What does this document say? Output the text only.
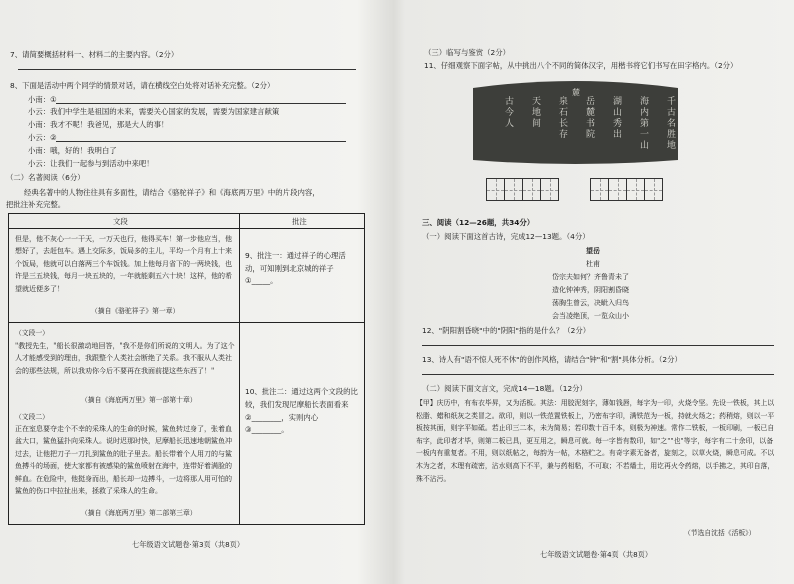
7、请简要概括材料一、材料二的主要内容。（2分）
8、下面是活动中两个同学的情景对话，请在横线空白处将对话补充完整。（2分）
小南：①
小云：我们中学生是祖国的未来，需要关心国家的发展，需要为国家建言献策
小南：我才不呢！我爸见，那是大人的事！
小云：②
小南：哦，好的！我明白了
小云：让我们一起参与到活动中来吧！
（二）名著阅读（6分）
经典名著中的人物往往具有多面性，请结合《骆驼祥子》和《海底两万里》中的片段内容，
把批注补充完整。
文段	批注
但是，他不灰心一一干天，一万天也行，他得买车！第一步他应当，他想好了，去赶包车。遇上交际多，饭局多的主儿，平均一个月有上十来个饭局，他就可以白落两三个车饭钱。加上他每月省下的一两块钱，也许是三五块钱，每月一块五块的，一年就能剩五六十块！这样，他的希望就近便多了！
（摘自《骆驼祥子》第一章）
9、批注一：通过祥子的心理活动，可知刚到北京城的祥子①_____。
（文段一）
"教授先生，"船长很激动地回答，"我不是你们所说的文明人。为了这个人才能感受到的理由，我跟整个人类社会断绝了关系。我不服从人类社会的那些法规，所以我劝你今后不要再在我面前提这些东西了！"
（摘自《海底两万里》第一部第十章）
（文段二）
正在室息要夺走个不幸的采珠人的生命的时候，鲨鱼转过身了，张着血盆大口，鲨鱼猛扑向采珠人。说时迟那时快，尼摩船长迅速地朝鲨鱼冲过去，让他把刀子一刀扎到鲨鱼的肚子里去。船长带着个人用刀的与鲨鱼搏斗的场面，使大家都有被感染的鲨鱼喷射在海中，连带好着满脸的鲜血。在危险中，他挺身而出，船长却一边搏斗，一边将那人用可怕的鲨鱼的伤口中拉扯出来，拯救了采珠人的生命。
（摘自《海底两万里》第二部第三章）
10、批注二：通过这两个文段的比较，我们发现尼摩船长表面看来②________，实则内心③________。
七年级语文试题卷·第3页（共8页）
（三）临写与鉴赏（2分）
11、仔细观察下面字帖，从中挑出八个不同的简体汉字，用楷书将它们书写在田字格内。（2分）
麓
千
古
名
胜
地
海
内
第
一
山
湖
山
秀
出
岳
麓
书
院
泉
石
长
存
天
地
间
古
今
人
三、阅读（12—26题，共34分）
（一）阅读下面这首古诗，完成12—13题。（4分）
望岳
杜甫
岱宗夫如何？齐鲁青未了
造化钟神秀，阴阳割昏晓
荡胸生曾云，决眦入归鸟
会当凌绝顶，一览众山小
12、"阴阳割昏晓"中的"阴阳"指的是什么？（2分）
13、诗人有"语不惊人死不休"的创作风格，请结合"钟"和"割"具体分析。（2分）
（二）阅读下面文言文，完成14—18题。（12分）
【甲】庆历中，有布衣毕昇，又为活板。其法：用胶泥刻字，薄如钱唇，每字为一印，火烧令坚。先设一铁板，其上以松脂、蜡和纸灰之类冒之。欲印，则以一铁范置铁板上，乃密布字印，满铁范为一板，持就火炀之；药稍熔，则以一平板按其面，则字平如砥。若止印三二本，未为简易；若印数十百千本，则极为神速。常作二铁板，一板印刷，一板已自布字，此印者才毕，则第二板已具，更互用之，瞬息可就。每一字皆有数印，如"之""也"等字，每字有二十余印，以备一板内有重复者。不用，则以纸帖之，每韵为一帖，木格贮之。有奇字素无备者，旋刻之，以草火烧，瞬息可成。不以木为之者，木理有疏密，沾水则高下不平，兼与药相粘，不可取；不若燔土，用讫再火令药熔，以手拂之，其印自落，殊不沾污。
（节选自沈括《活板》）
七年级语文试题卷·第4页（共8页）
